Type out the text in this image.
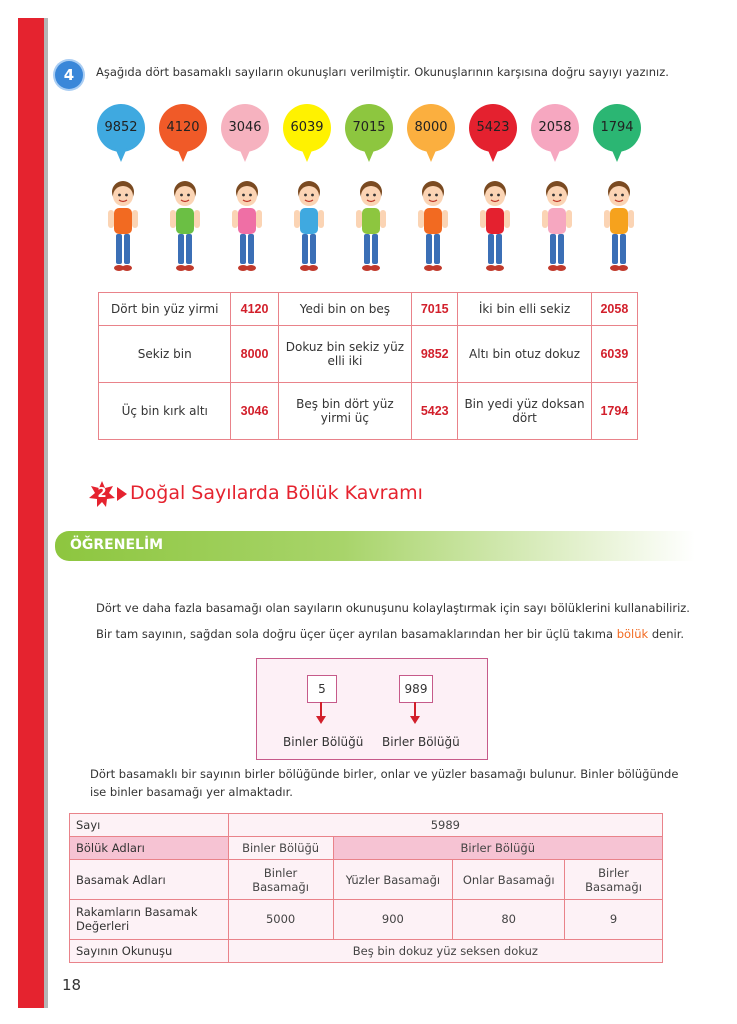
4	Aşağıda dört basamaklı sayıların okunuşları verilmiştir. Okunuşlarının karşısına doğru sayıyı yazınız.
9852	4120	3046	6039	7015	8000	5423	2058	1794
Dört bin yüz yirmi	4120	Yedi bin on beş	7015	İki bin elli sekiz	2058
Sekiz bin	8000	Dokuz bin sekiz yüz elli iki	9852	Altı bin otuz dokuz	6039
Üç bin kırk altı	3046	Beş bin dört yüz yirmi üç	5423	Bin yedi yüz doksan dört	1794
2	Doğal Sayılarda Bölük Kavramı
ÖĞRENELİM
Dört ve daha fazla basamağı olan sayıların okunuşunu kolaylaştırmak için sayı bölüklerini kullanabiliriz.
Bir tam sayının, sağdan sola doğru üçer üçer ayrılan basamaklarından her bir üçlü takıma bölük denir.
5
Binler Bölüğü
989
Birler Bölüğü
Dört basamaklı bir sayının birler bölüğünde birler, onlar ve yüzler basamağı bulunur. Binler bölüğünde
ise binler basamağı yer almaktadır.
Sayı	5989			
Bölük Adları	Binler Bölüğü	Birler Bölüğü		
Basamak Adları	Binler Basamağı	Yüzler Basamağı	Onlar Basamağı	Birler Basamağı
Rakamların Basamak Değerleri	5000	900	80	9
Sayının Okunuşu	Beş bin dokuz yüz seksen dokuz			
18
